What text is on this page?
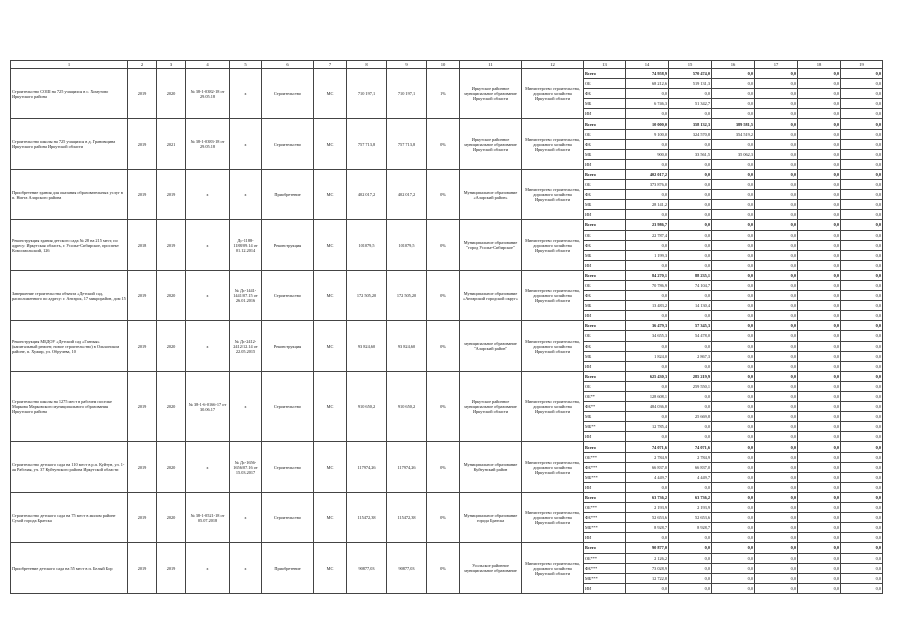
1	2	3	4	5	6	7	8	9	10	11	12	13	14	15	16	17	18	19
Строительство СОШ на 725 учащихся в с. Хомутово Иркутского района	2019	2020	№ 38-1-0382-18 от 29.05.18	х	Строительство	МС	710 197,1	710 197,1	1%	Иркутское районное муниципальное образование Иркутской области	Министерство строительства, дорожного хозяйства Иркутской области	Всего	74 958,9	570 474,0	0,0	0,0	0,0	0,0
												ОБ	68 212,6	519 131,3	0,0	0,0	0,0	0,0
												ФБ	0,0	0,0	0,0	0,0	0,0	0,0
												МБ	6 746,3	51 342,7	0,0	0,0	0,0	0,0
												ИИ	0,0	0,0	0,0	0,0	0,0	0,0
Строительство школы на 725 учащихся в д. Грановщина Иркутского района Иркутской области	2019	2021	№ 38-1-0383-18 от 29.05.18	х	Строительство	МС	757 713,8	757 713,8	0%	Иркутское районное муниципальное образование Иркутской области	Министерство строительства, дорожного хозяйства Иркутской области	Всего	10 000,0	358 132,3	389 581,5	0,0	0,0	0,0
												ОБ	9 100,0	324 570,8	354 519,2	0,0	0,0	0,0
												ФБ	0,0	0,0	0,0	0,0	0,0	0,0
												МБ	900,0	33 561,5	35 062,3	0,0	0,0	0,0
												ИИ	0,0	0,0	0,0	0,0	0,0	0,0
Приобретение здания для оказания образовательных услуг в п. Нигта Аларского района	2019	2019	х	х	Приобретение	МС	402 017,2	402 017,2	0%	Муниципальное образование «Аларский район»	Министерство строительства, дорожного хозяйства Иркутской области	Всего	402 017,2	0,0	0,0	0,0	0,0	0,0
												ОБ	373 876,0	0,0	0,0	0,0	0,0	0,0
												ФБ	0,0	0,0	0,0	0,0	0,0	0,0
												МБ	28 141,2	0,0	0,0	0,0	0,0	0,0
												ИИ	0,0	0,0	0,0	0,0	0,0	0,0
Реконструкция здания детского сада № 28 на 215 мест, по адресу: Иркутская область, г. Усолье-Сибирское, проспект Комсомольский, 126	2018	2019	х	Дс-1188-1188/09.14 от 01.12.2014	Реконструкция	МС	101079,5	101079,5	0%	Муниципальное образование "город Усолье-Сибирское"	Министерство строительства, дорожного хозяйства Иркутской области	Всего	23 986,7	0,0	0,0	0,0	0,0	0,0
												ОБ	22 787,4	0,0	0,0	0,0	0,0	0,0
												ФБ	0,0	0,0	0,0	0,0	0,0	0,0
												МБ	1 199,3	0,0	0,0	0,0	0,0	0,0
												ИИ	0,0	0,0	0,0	0,0	0,0	0,0
Завершение строительства объекта «Детский сад, расположенного по адресу: г. Ангарск, 17 микрорайон, дом 15	2019	2020	х	№ Дс-1441-1441/07.15 от 26.01.2016	Строительство	МС	172 505,20	172 505,20	0%	Муниципальное образование «Ангарский городской округ»	Министерство строительства, дорожного хозяйства Иркутской области	Всего	84 270,1	88 235,1	0,0	0,0	0,0	0,0
												ОБ	70 786,9	74 104,7	0,0	0,0	0,0	0,0
												ФБ	0,0	0,0	0,0	0,0	0,0	0,0
												МБ	13 483,2	14 130,4	0,0	0,0	0,0	0,0
												ИИ	0,0	0,0	0,0	0,0	0,0	0,0
Реконструкция МБДОУ «Детский сад «Ганзыя» (капитальный ремонт, новое строительство) в Ольхонском районе, п. Хужир, ул. Обручева, 10	2019	2020	х	№ Дс-2412-2412/12.14 от 22.05.2015	Реконструкция	МС	93 824,60	93 824,60	0%	муниципальное образование "Аларский район"	Министерство строительства, дорожного хозяйства Иркутской области	Всего	36 479,3	57 345,3	0,0	0,0	0,0	0,0
												ОБ	34 655,3	54 478,0	0,0	0,0	0,0	0,0
												ФБ	0,0	0,0	0,0	0,0	0,0	0,0
												МБ	1 824,0	2 867,3	0,0	0,0	0,0	0,0
												ИИ	0,0	0,0	0,0	0,0	0,0	0,0
Строительство школы на 1275 мест в рабочем поселке Маркова Марковского муниципального образования Иркутского района	2019	2020	№ 38-1-6-0166-17 от 30.06.17	х	Строительство	МС	910 650,2	910 650,2	0%	Иркутское районное муниципальное образование Иркутской области	Министерство строительства, дорожного хозяйства Иркутской области	Всего	625 430,3	285 219,9	0,0	0,0	0,0	0,0
												ОБ	0,0	259 550,1	0,0	0,0	0,0	0,0
												ОБ**	128 608,1	0,0	0,0	0,0	0,0	0,0
												ФБ**	484 036,8	0,0	0,0	0,0	0,0	0,0
												МБ	0,0	25 669,8	0,0	0,0	0,0	0,0
												МБ**	12 785,4	0,0	0,0	0,0	0,0	0,0
												ИИ	0,0	0,0	0,0	0,0	0,0	0,0
Строительство детского сада на 110 мест в р.п. Куйтун, ул. 1-ая Рабочая, уч. 37 Куйтунского района Иркутской области	2019	2020	х	№ Дс-1656-1656/07.16 от 15.03.2017	Строительство	МС	117974,26	117974,26	0%	Муниципальное образование Куйтунский район	Министерство строительства, дорожного хозяйства Иркутской области	Всего	74 071,6	74 071,6	0,0	0,0	0,0	0,0
												ОБ***	2 784,9	2 784,9	0,0	0,0	0,0	0,0
												ФБ***	66 837,0	66 837,0	0,0	0,0	0,0	0,0
												МБ***	4 449,7	4 449,7	0,0	0,0	0,0	0,0
												ИИ	0,0	0,0	0,0	0,0	0,0	0,0
Строительство детского сада на 75 мест в жилом районе Сухой города Братска	2019	2020	№ 38-1-0521-18 от 05.07.2018	х	Строительство	МС	115472,38	115472,38	0%	Муниципальное образование города Братска	Министерство строительства, дорожного хозяйства Иркутской области	Всего	63 736,2	63 736,2	0,0	0,0	0,0	0,0
												ОБ***	2 193,9	2 193,9	0,0	0,0	0,0	0,0
												ФБ***	52 653,6	52 653,6	0,0	0,0	0,0	0,0
												МБ***	8 928,7	8 928,7	0,0	0,0	0,0	0,0
												ИИ	0,0	0,0	0,0	0,0	0,0	0,0
Приобретение детского сада на 55 мест в п. Белый Бор	2019	2019	х	х	Приобретение	МС	90877,03	90877,03	0%	Усольское районное муниципальное образование	Министерство строительства, дорожного хозяйства Иркутской области	Всего	90 877,0	0,0	0,0	0,0	0,0	0,0
												ОБ***	2 126,2	0,0	0,0	0,0	0,0	0,0
												ФБ***	73 028,9	0,0	0,0	0,0	0,0	0,0
												МБ***	12 722,8	0,0	0,0	0,0	0,0	0,0
												ИИ	0,0	0,0	0,0	0,0	0,0	0,0
